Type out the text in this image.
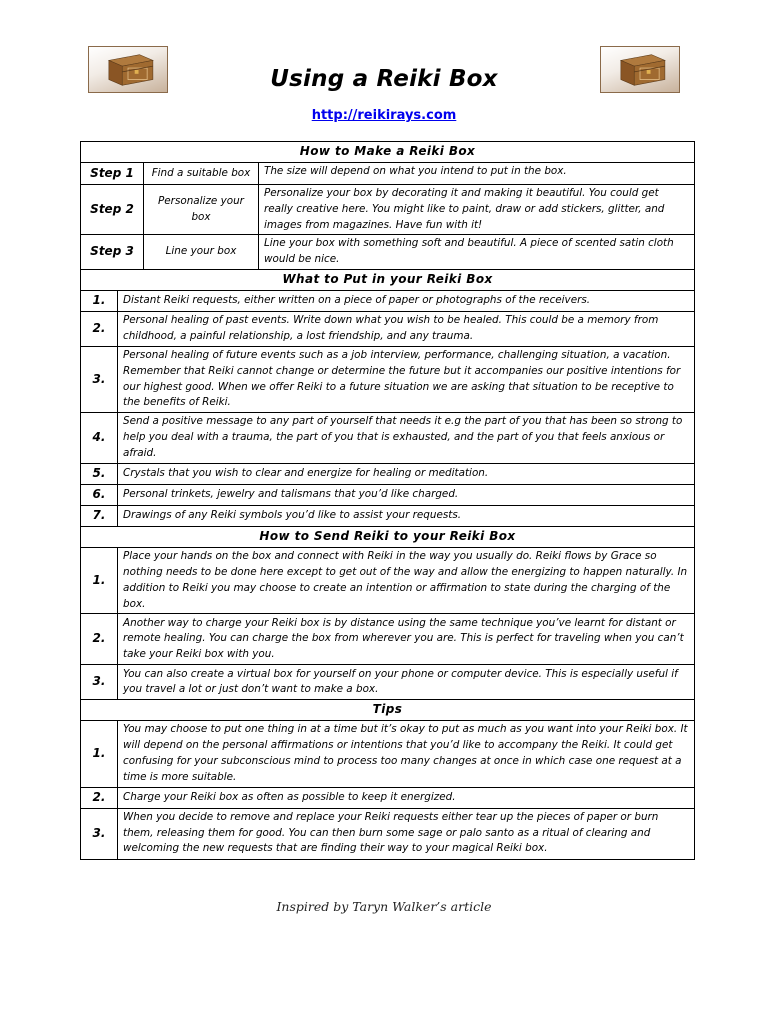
Using a Reiki Box
http://reikirays.com
How to Make a Reiki Box			
Step 1		Find a suitable box	The size will depend on what you intend to put in the box.
Step 2		Personalize your box	Personalize your box by decorating it and making it beautiful. You could get really creative here. You might like to paint, draw or add stickers, glitter, and images from magazines. Have fun with it!
Step 3		Line your box	Line your box with something soft and beautiful. A piece of scented satin cloth would be nice.
What to Put in your Reiki Box			
1.	Distant Reiki requests, either written on a piece of paper or photographs of the receivers.		
2.	Personal healing of past events. Write down what you wish to be healed. This could be a memory from childhood, a painful relationship, a lost friendship, and any trauma.		
3.	Personal healing of future events such as a job interview, performance, challenging situation, a vacation. Remember that Reiki cannot change or determine the future but it accompanies our positive intentions for our highest good. When we offer Reiki to a future situation we are asking that situation to be receptive to the benefits of Reiki.		
4.	Send a positive message to any part of yourself that needs it e.g the part of you that has been so strong to help you deal with a trauma, the part of you that is exhausted, and the part of you that feels anxious or afraid.		
5.	Crystals that you wish to clear and energize for healing or meditation.		
6.	Personal trinkets, jewelry and talismans that you’d like charged.		
7.	Drawings of any Reiki symbols you’d like to assist your requests.		
How to Send Reiki to your Reiki Box			
1.	Place your hands on the box and connect with Reiki in the way you usually do. Reiki flows by Grace so nothing needs to be done here except to get out of the way and allow the energizing to happen naturally. In addition to Reiki you may choose to create an intention or affirmation to state during the charging of the box.		
2.	Another way to charge your Reiki box is by distance using the same technique you’ve learnt for distant or remote healing. You can charge the box from wherever you are. This is perfect for traveling when you can’t take your Reiki box with you.		
3.	You can also create a virtual box for yourself on your phone or computer device. This is especially useful if you travel a lot or just don’t want to make a box.		
Tips			
1.	You may choose to put one thing in at a time but it’s okay to put as much as you want into your Reiki box. It will depend on the personal affirmations or intentions that you’d like to accompany the Reiki. It could get confusing for your subconscious mind to process too many changes at once in which case one request at a time is more suitable.		
2.	Charge your Reiki box as often as possible to keep it energized.		
3.	When you decide to remove and replace your Reiki requests either tear up the pieces of paper or burn them, releasing them for good. You can then burn some sage or palo santo as a ritual of clearing and welcoming the new requests that are finding their way to your magical Reiki box.		
Inspired by Taryn Walker’s article
